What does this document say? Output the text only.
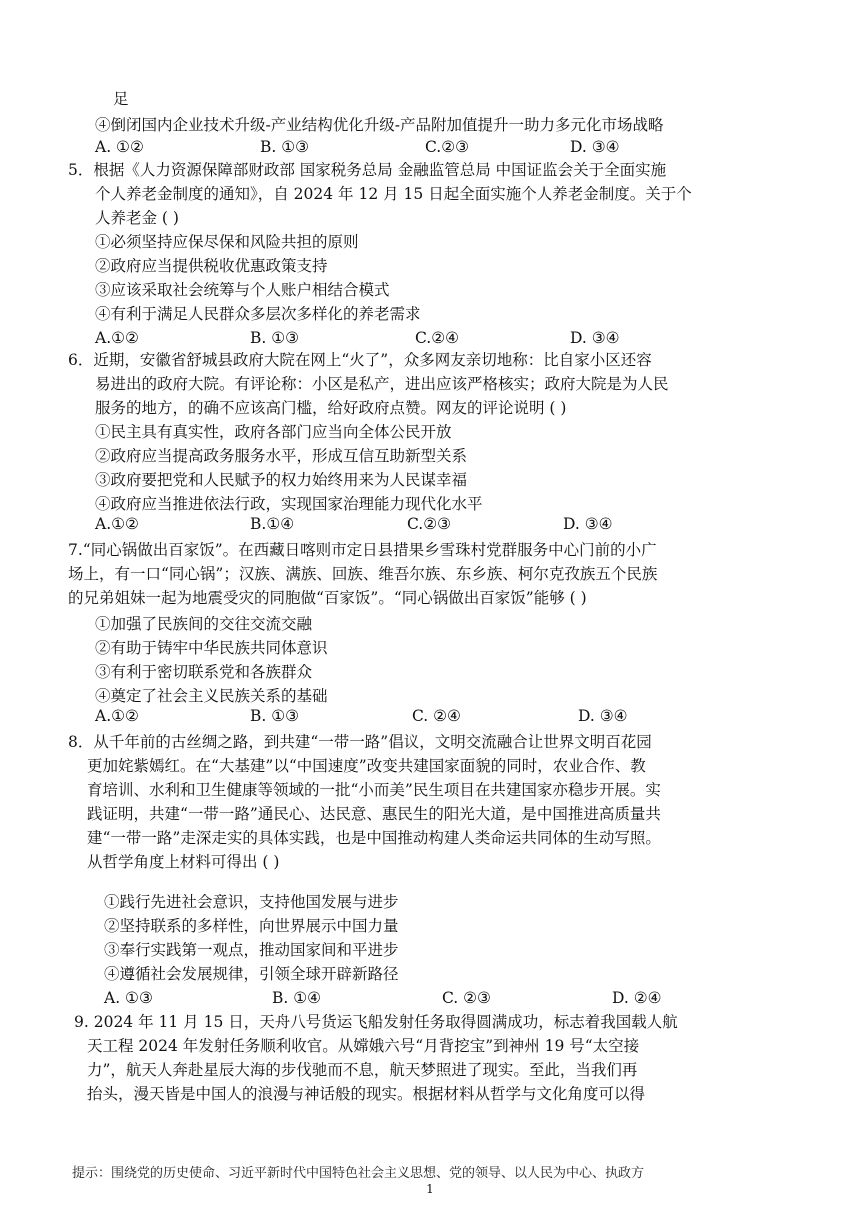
足
④倒闭国内企业技术升级-产业结构优化升级-产品附加值提升一助力多元化市场战略
5．根据《人力资源保障部财政部 国家税务总局 金融监管总局 中国证监会关于全面实施
个人养老金制度的通知》，自 2024 年 12 月 15 日起全面实施个人养老金制度。关于个
人养老金 ( )
①必须坚持应保尽保和风险共担的原则
②政府应当提供税收优惠政策支持
③应该采取社会统筹与个人账户相结合模式
④有利于满足人民群众多层次多样化的养老需求
6．近期，安徽省舒城县政府大院在网上“火了”，众多网友亲切地称：比自家小区还容
易进出的政府大院。有评论称：小区是私产，进出应该严格核实；政府大院是为人民
服务的地方，的确不应该高门槛，给好政府点赞。网友的评论说明 ( )
①民主具有真实性，政府各部门应当向全体公民开放
②政府应当提高政务服务水平，形成互信互助新型关系
③政府要把党和人民赋予的权力始终用来为人民谋幸福
④政府应当推进依法行政，实现国家治理能力现代化水平
7.“同心锅做出百家饭”。在西藏日喀则市定日县措果乡雪珠村党群服务中心门前的小广
场上，有一口“同心锅”；汉族、满族、回族、维吾尔族、东乡族、柯尔克孜族五个民族
的兄弟姐妹一起为地震受灾的同胞做“百家饭”。“同心锅做出百家饭”能够 ( )
①加强了民族间的交往交流交融
②有助于铸牢中华民族共同体意识
③有利于密切联系党和各族群众
④奠定了社会主义民族关系的基础
8．从千年前的古丝绸之路，到共建“一带一路”倡议，文明交流融合让世界文明百花园
更加姹紫嫣红。在“大基建”以“中国速度”改变共建国家面貌的同时，农业合作、教
育培训、水利和卫生健康等领域的一批“小而美”民生项目在共建国家亦稳步开展。实
践证明，共建“一带一路”通民心、达民意、惠民生的阳光大道，是中国推进高质量共
建“一带一路”走深走实的具体实践，也是中国推动构建人类命运共同体的生动写照。
从哲学角度上材料可得出 ( )
①践行先进社会意识，支持他国发展与进步
②坚持联系的多样性，向世界展示中国力量
③奉行实践第一观点，推动国家间和平进步
④遵循社会发展规律，引领全球开辟新路径
9. 2024 年 11 月 15 日，天舟八号货运飞船发射任务取得圆满成功，标志着我国载人航
天工程 2024 年发射任务顺利收官。从嫦娥六号“月背挖宝”到神州 19 号“太空接
力”，航天人奔赴星辰大海的步伐驰而不息，航天梦照进了现实。至此，当我们再
抬头，漫天皆是中国人的浪漫与神话般的现实。根据材料从哲学与文化角度可以得
A. ①②	B. ①③	C.②③	D. ③④
A.①②	B. ①③	C.②④	D. ③④
A.①②	B.①④	C.②③	D. ③④
A.①②	B. ①③	C. ②④	D. ③④
A. ①③	B. ①④	C. ②③	D. ②④
提示：围绕党的历史使命、习近平新时代中国特色社会主义思想、党的领导、以人民为中心、执政方
1
